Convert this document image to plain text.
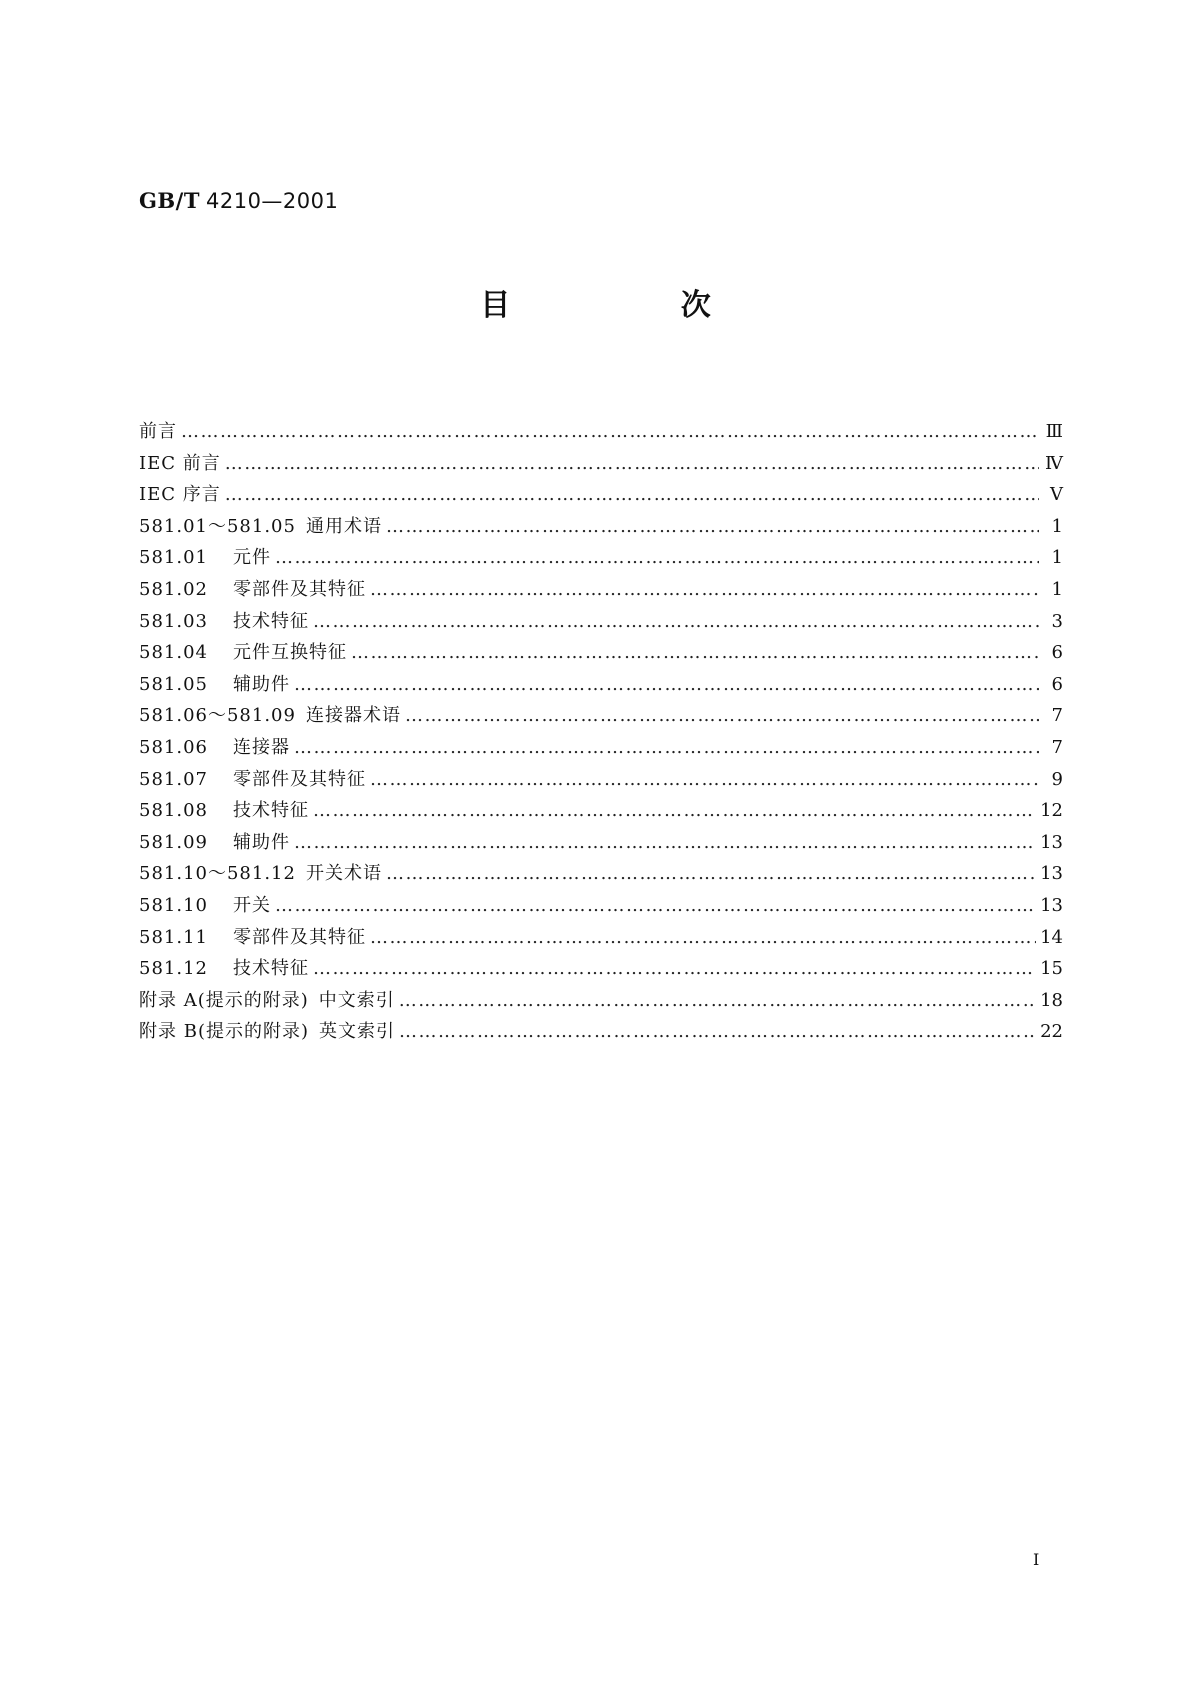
GB/T 4210—2001
目 次
前言 …………………………………………………………………………………………………………………………………………………………………………………………………………………………………………………	Ⅲ
IEC 前言 …………………………………………………………………………………………………………………………………………………………………………………………………………………………………………………	Ⅳ
IEC 序言 …………………………………………………………………………………………………………………………………………………………………………………………………………………………………………………	Ⅴ
581.01～581.05  通用术语 …………………………………………………………………………………………………………………………………………………………………………………………………………………………………………………	1
581.01  元件 …………………………………………………………………………………………………………………………………………………………………………………………………………………………………………………	1
581.02  零部件及其特征 …………………………………………………………………………………………………………………………………………………………………………………………………………………………………………………	1
581.03  技术特征 …………………………………………………………………………………………………………………………………………………………………………………………………………………………………………………	3
581.04  元件互换特征 …………………………………………………………………………………………………………………………………………………………………………………………………………………………………………………	6
581.05  辅助件 …………………………………………………………………………………………………………………………………………………………………………………………………………………………………………………	6
581.06～581.09  连接器术语 …………………………………………………………………………………………………………………………………………………………………………………………………………………………………………………	7
581.06  连接器 …………………………………………………………………………………………………………………………………………………………………………………………………………………………………………………	7
581.07  零部件及其特征 …………………………………………………………………………………………………………………………………………………………………………………………………………………………………………………	9
581.08  技术特征 …………………………………………………………………………………………………………………………………………………………………………………………………………………………………………………	12
581.09  辅助件 …………………………………………………………………………………………………………………………………………………………………………………………………………………………………………………	13
581.10～581.12  开关术语 …………………………………………………………………………………………………………………………………………………………………………………………………………………………………………………	13
581.10  开关 …………………………………………………………………………………………………………………………………………………………………………………………………………………………………………………	13
581.11  零部件及其特征 …………………………………………………………………………………………………………………………………………………………………………………………………………………………………………………	14
581.12  技术特征 …………………………………………………………………………………………………………………………………………………………………………………………………………………………………………………	15
附录 A(提示的附录)  中文索引 …………………………………………………………………………………………………………………………………………………………………………………………………………………………………………………	18
附录 B(提示的附录)  英文索引 …………………………………………………………………………………………………………………………………………………………………………………………………………………………………………………	22
I
